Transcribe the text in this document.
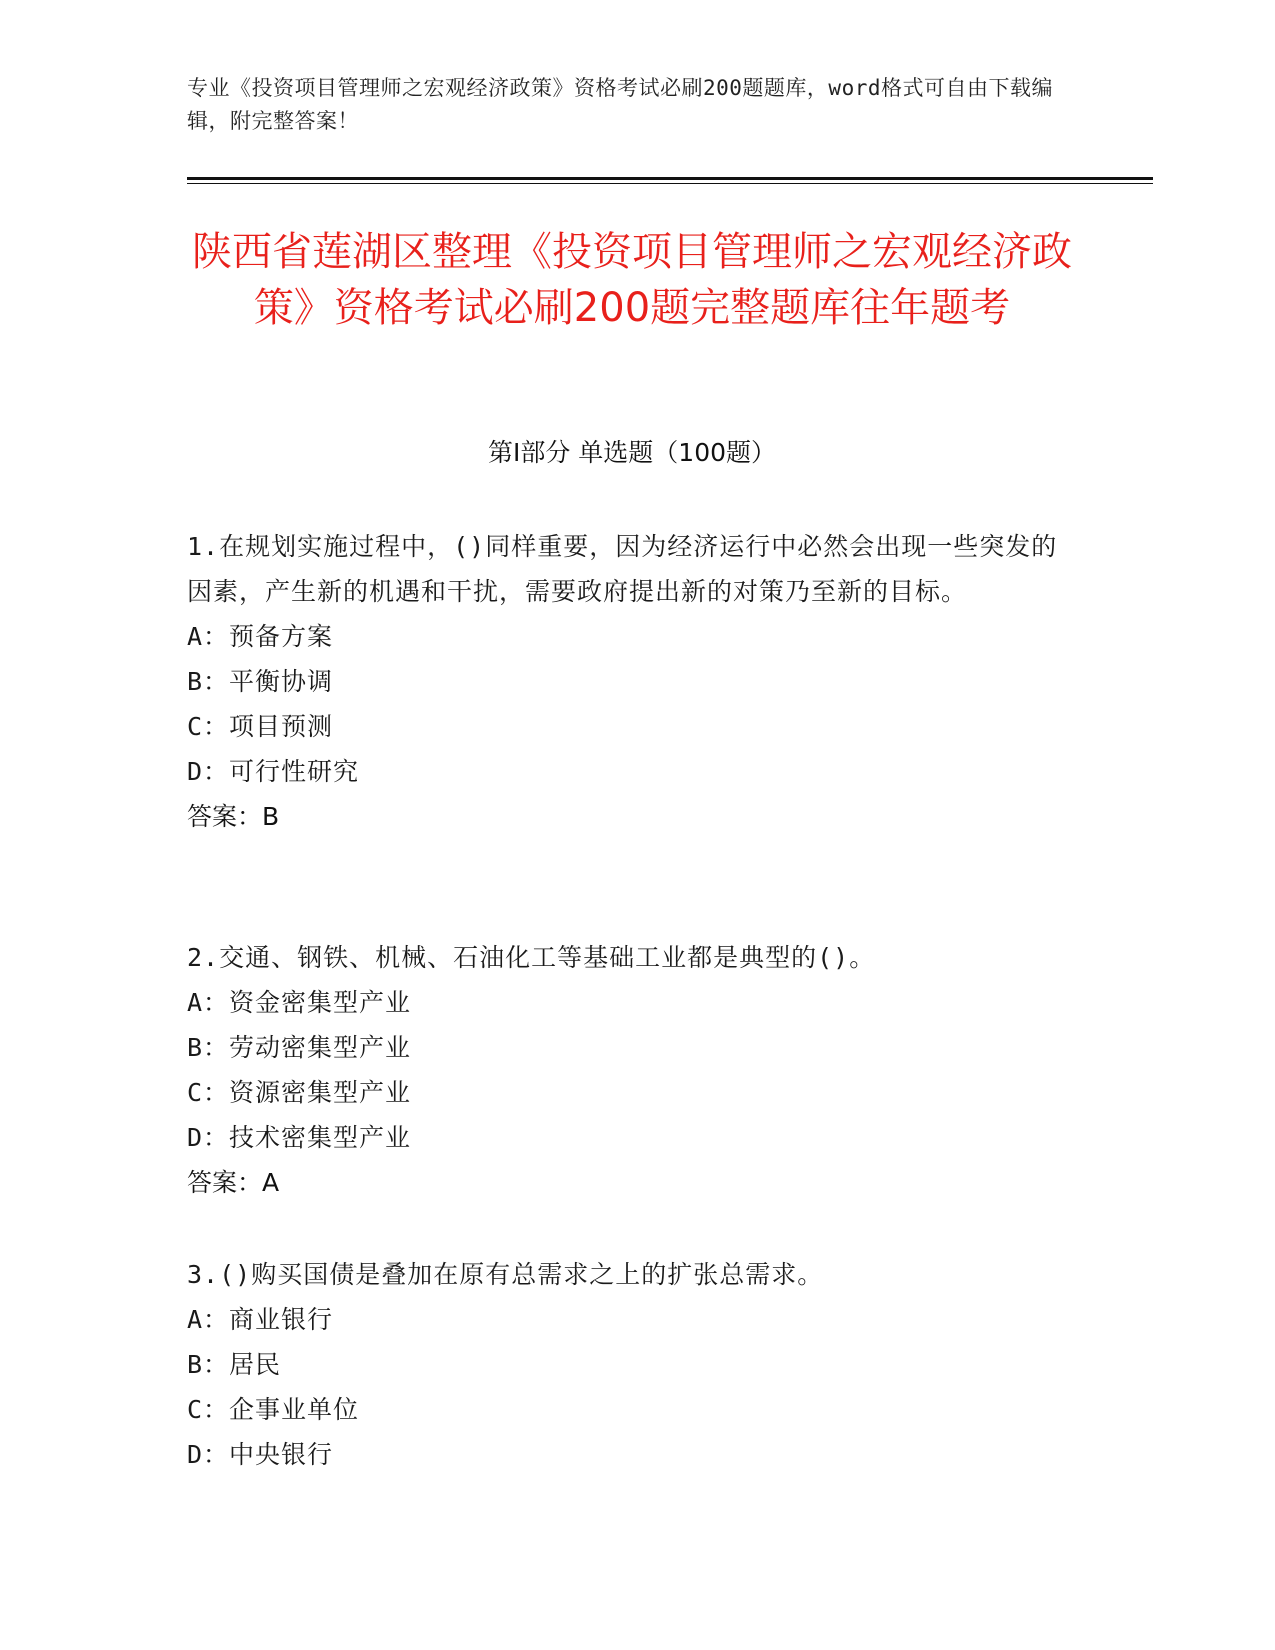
专业《投资项目管理师之宏观经济政策》资格考试必刷200题题库，word格式可自由下载编辑，附完整答案！
陕西省莲湖区整理《投资项目管理师之宏观经济政策》资格考试必刷200题完整题库往年题考
第I部分 单选题（100题）
1.在规划实施过程中，()同样重要，因为经济运行中必然会出现一些突发的因素，产生新的机遇和干扰，需要政府提出新的对策乃至新的目标。
A：预备方案
B：平衡协调
C：项目预测
D：可行性研究
答案：B
2.交通、钢铁、机械、石油化工等基础工业都是典型的()。
A：资金密集型产业
B：劳动密集型产业
C：资源密集型产业
D：技术密集型产业
答案：A
3.()购买国债是叠加在原有总需求之上的扩张总需求。
A：商业银行
B：居民
C：企事业单位
D：中央银行
